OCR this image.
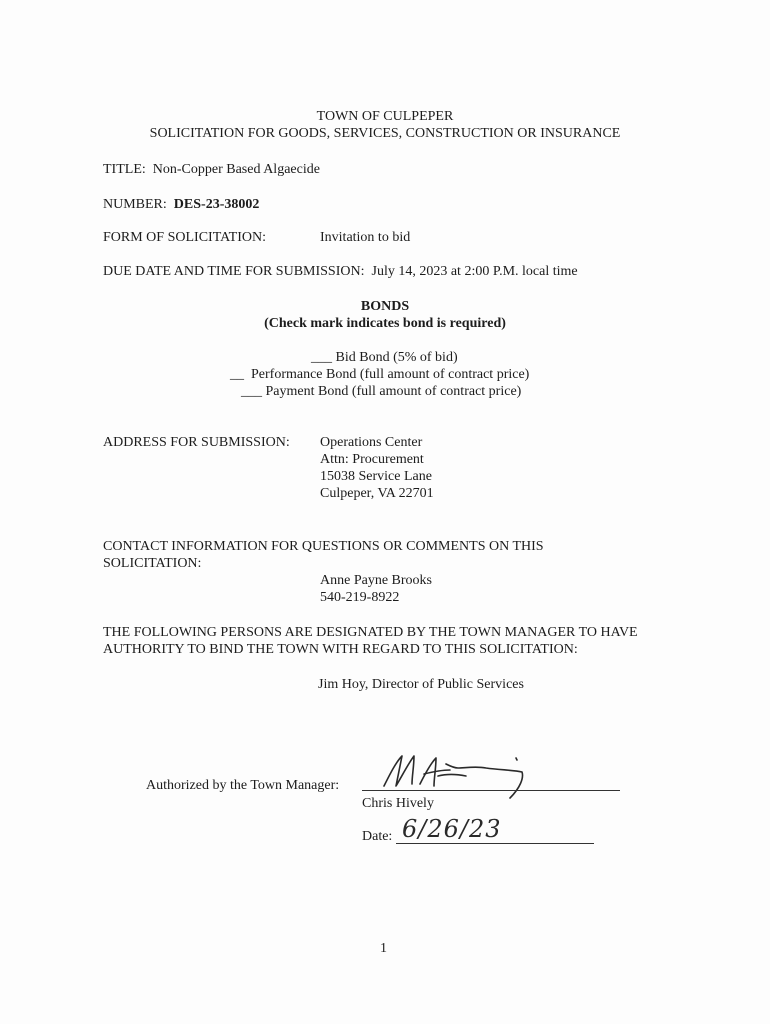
TOWN OF CULPEPER
SOLICITATION FOR GOODS, SERVICES, CONSTRUCTION OR INSURANCE
TITLE: Non-Copper Based Algaecide
NUMBER: DES-23-38002
FORM OF SOLICITATION:	Invitation to bid
DUE DATE AND TIME FOR SUBMISSION: July 14, 2023 at 2:00 P.M. local time
BONDS
(Check mark indicates bond is required)
___ Bid Bond (5% of bid)
__ Performance Bond (full amount of contract price)
___ Payment Bond (full amount of contract price)
ADDRESS FOR SUBMISSION: Operations Center
Attn: Procurement
15038 Service Lane
Culpeper, VA 22701
CONTACT INFORMATION FOR QUESTIONS OR COMMENTS ON THIS
SOLICITATION:
Anne Payne Brooks
540-219-8922
THE FOLLOWING PERSONS ARE DESIGNATED BY THE TOWN MANAGER TO HAVE
AUTHORITY TO BIND THE TOWN WITH REGARD TO THIS SOLICITATION:
Jim Hoy, Director of Public Services
Authorized by the Town Manager:
Chris Hively
Date: 6/26/23
1
